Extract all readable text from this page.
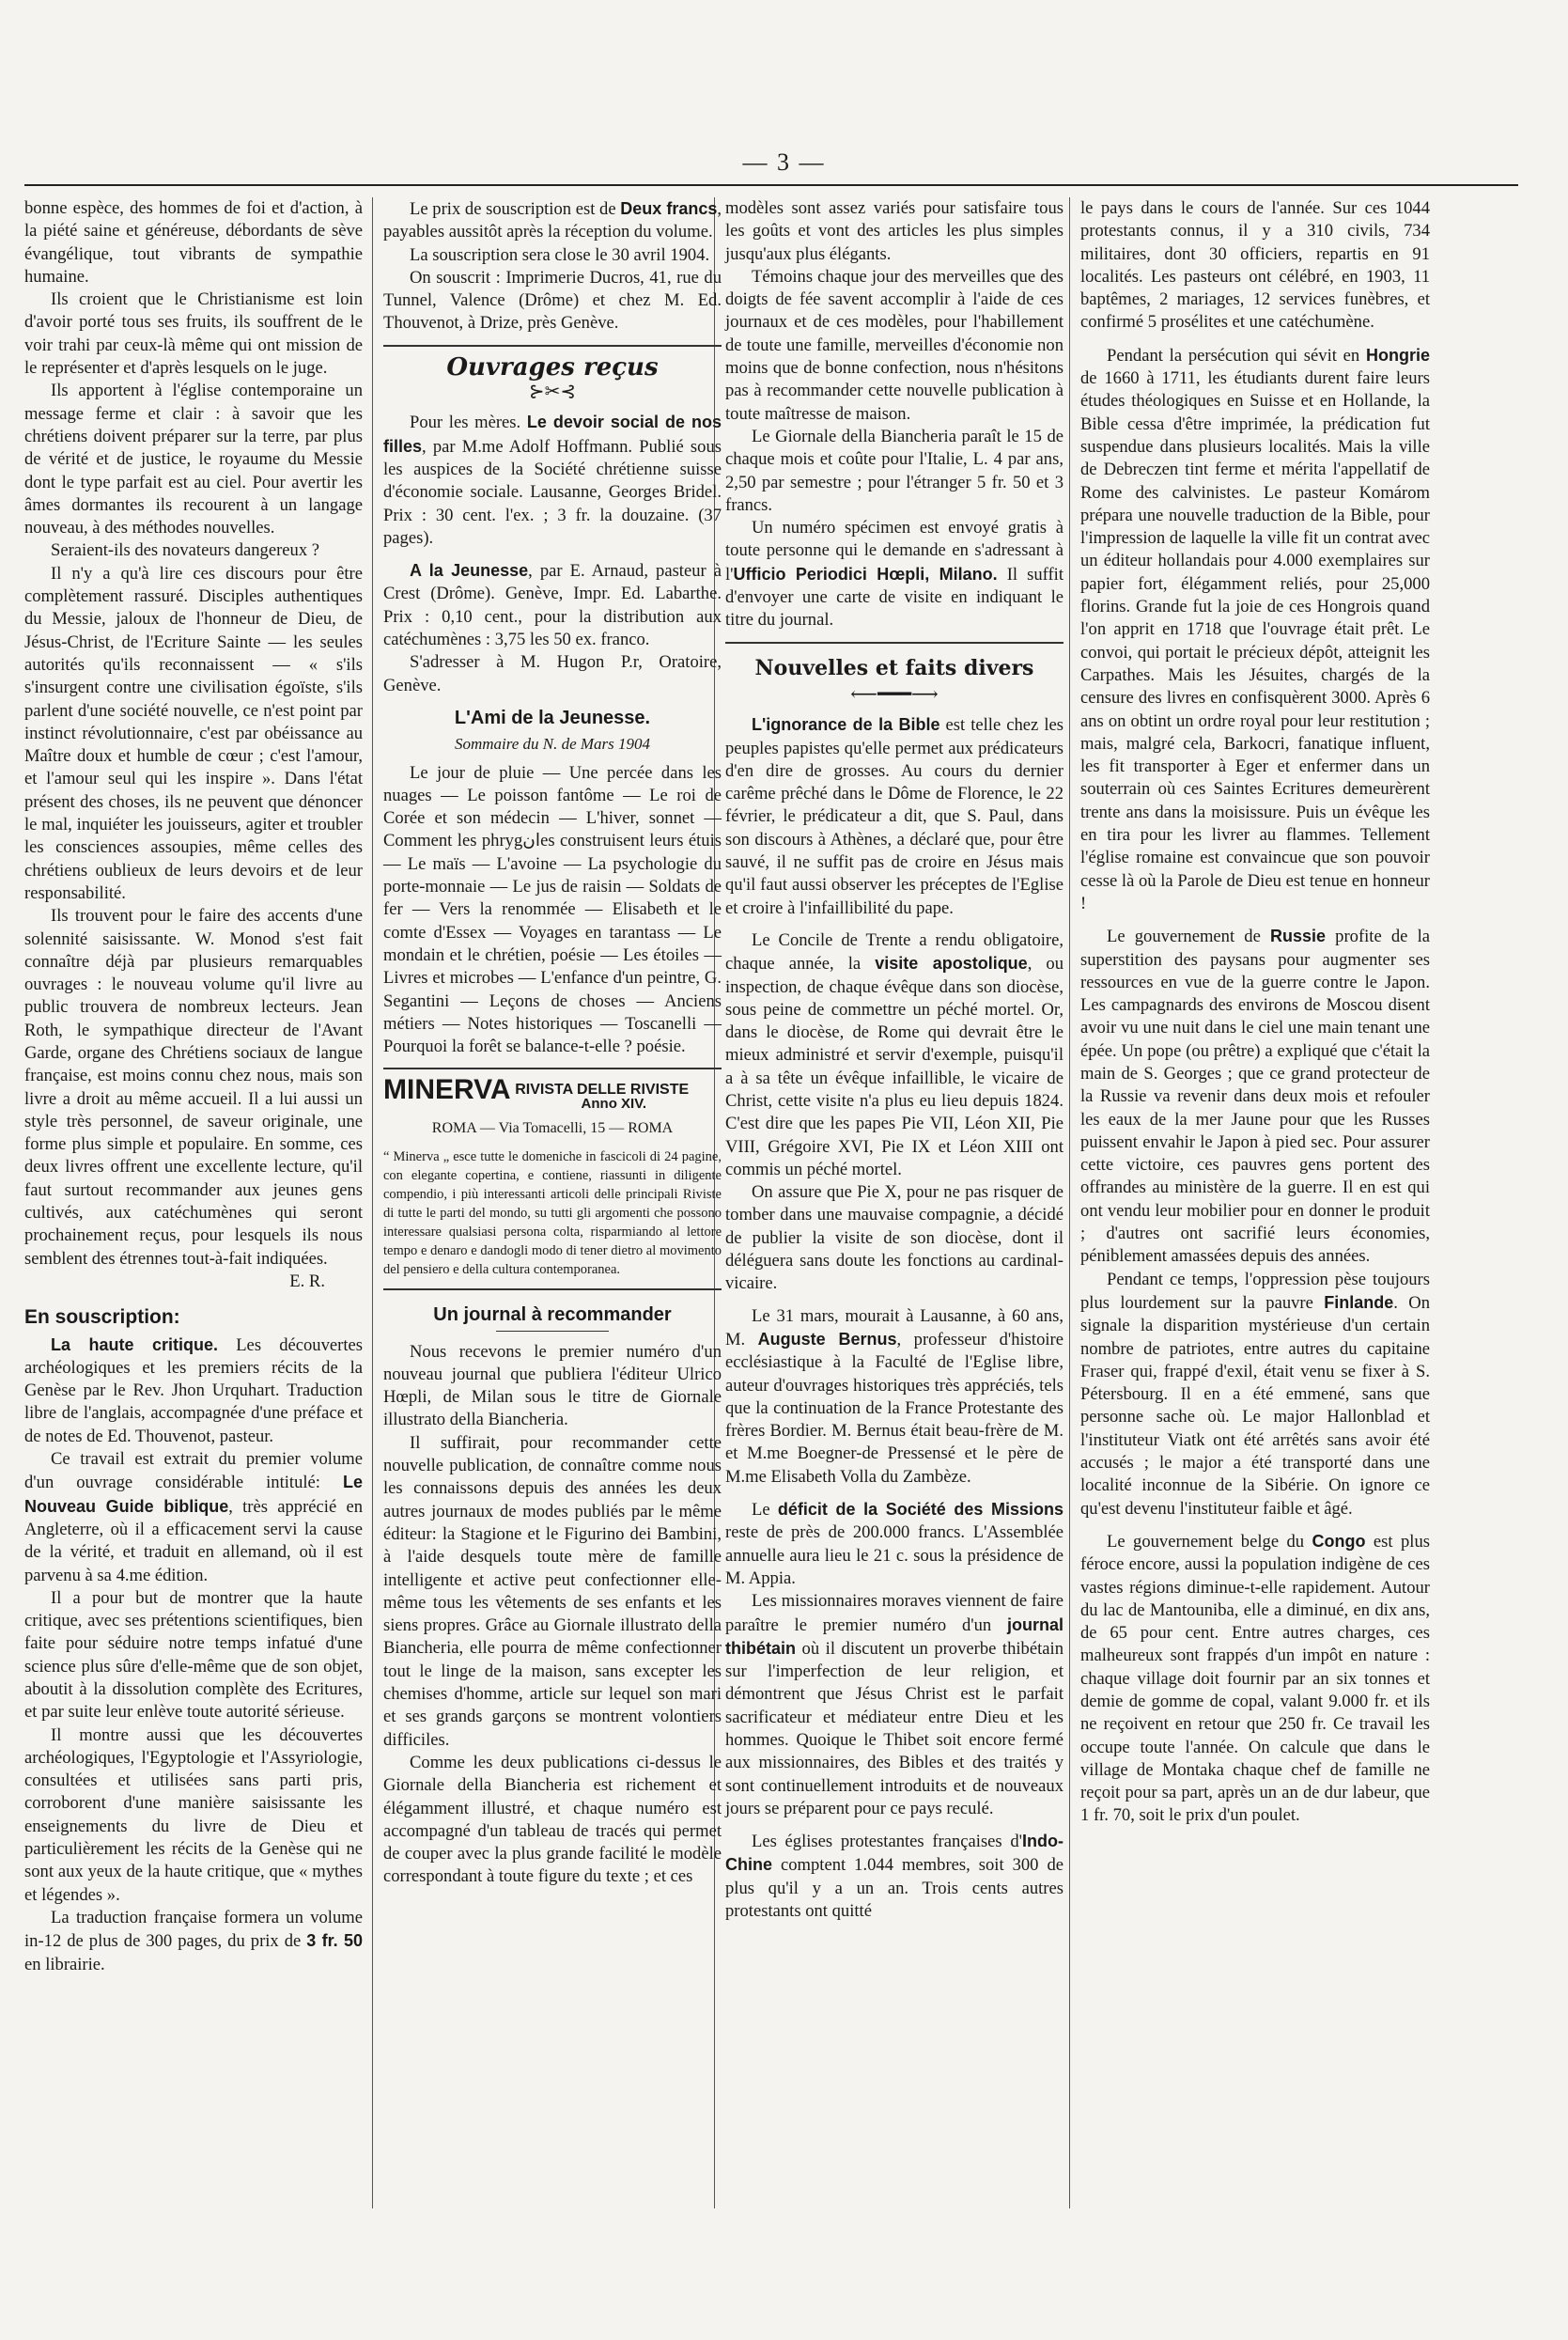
— 3 —

bonne espèce, des hommes de foi et d'action, à la piété saine et généreuse, débordants de sève évangélique, tout vibrants de sympathie humaine.

Ils croient que le Christianisme est loin d'avoir porté tous ses fruits, ils souffrent de le voir trahi par ceux-là même qui ont mission de le représenter et d'après lesquels on le juge.

Ils apportent à l'église contemporaine un message ferme et clair : à savoir que les chrétiens doivent préparer sur la terre, par plus de vérité et de justice, le royaume du Messie dont le type parfait est au ciel. Pour avertir les âmes dormantes ils recourent à un langage nouveau, à des méthodes nouvelles.

Seraient-ils des novateurs dangereux ?

Il n'y a qu'à lire ces discours pour être complètement rassuré. Disciples authentiques du Messie, jaloux de l'honneur de Dieu, de Jésus-Christ, de l'Ecriture Sainte — les seules autorités qu'ils reconnaissent — « s'ils s'insurgent contre une civilisation égoïste, s'ils parlent d'une société nouvelle, ce n'est point par instinct révolutionnaire, c'est par obéissance au Maître doux et humble de cœur ; c'est l'amour, et l'amour seul qui les inspire ». Dans l'état présent des choses, ils ne peuvent que dénoncer le mal, inquiéter les jouisseurs, agiter et troubler les consciences assoupies, même celles des chrétiens oublieux de leurs devoirs et de leur responsabilité.

Ils trouvent pour le faire des accents d'une solennité saisissante. W. Monod s'est fait connaître déjà par plusieurs remarquables ouvrages : le nouveau volume qu'il livre au public trouvera de nombreux lecteurs. Jean Roth, le sympathique directeur de l'Avant Garde, organe des Chrétiens sociaux de langue française, est moins connu chez nous, mais son livre a droit au même accueil. Il a lui aussi un style très personnel, de saveur originale, une forme plus simple et populaire. En somme, ces deux livres offrent une excellente lecture, qu'il faut surtout recommander aux jeunes gens cultivés, aux catéchumènes qui seront prochainement reçus, pour lesquels ils nous semblent des étrennes tout-à-fait indiquées.

E. R.

En souscription:

La haute critique. Les découvertes archéologiques et les premiers récits de la Genèse par le Rev. Jhon Urquhart. Traduction libre de l'anglais, accompagnée d'une préface et de notes de Ed. Thouvenot, pasteur.

Ce travail est extrait du premier volume d'un ouvrage considérable intitulé: Le Nouveau Guide biblique, très apprécié en Angleterre, où il a efficacement servi la cause de la vérité, et traduit en allemand, où il est parvenu à sa 4.me édition.

Il a pour but de montrer que la haute critique, avec ses prétentions scientifiques, bien faite pour séduire notre temps infatué d'une science plus sûre d'elle-même que de son objet, aboutit à la dissolution complète des Ecritures, et par suite leur enlève toute autorité sérieuse.

Il montre aussi que les découvertes archéologiques, l'Egyptologie et l'Assyriologie, consultées et utilisées sans parti pris, corroborent d'une manière saisissante les enseignements du livre de Dieu et particulièrement les récits de la Genèse qui ne sont aux yeux de la haute critique, que « mythes et légendes ».

La traduction française formera un volume in-12 de plus de 300 pages, du prix de 3 fr. 50 en librairie.

Le prix de souscription est de Deux francs, payables aussitôt après la réception du volume.

La souscription sera close le 30 avril 1904.

On souscrit : Imprimerie Ducros, 41, rue du Tunnel, Valence (Drôme) et chez M. Ed. Thouvenot, à Drize, près Genève.

Ouvrages reçus
⊱✂⊰

Pour les mères. Le devoir social de nos filles, par M.me Adolf Hoffmann. Publié sous les auspices de la Société chrétienne suisse d'économie sociale. Lausanne, Georges Bridel. Prix : 30 cent. l'ex. ; 3 fr. la douzaine. (37 pages).

A la Jeunesse, par E. Arnaud, pasteur à Crest (Drôme). Genève, Impr. Ed. Labarthe. Prix : 0,10 cent., pour la distribution aux catéchumènes : 3,75 les 50 ex. franco.

S'adresser à M. Hugon P.r, Oratoire, Genève.

L'Ami de la Jeunesse.
Sommaire du N. de Mars 1904

Le jour de pluie — Une percée dans les nuages — Le poisson fantôme — Le roi de Corée et son médecin — L'hiver, sonnet — Comment les phrygانes construisent leurs étuis — Le maïs — L'avoine — La psychologie du porte-monnaie — Le jus de raisin — Soldats de fer — Vers la renommée — Elisabeth et le comte d'Essex — Voyages en tarantass — Le mondain et le chrétien, poésie — Les étoiles — Livres et microbes — L'enfance d'un peintre, G. Segantini — Leçons de choses — Anciens métiers — Notes historiques — Toscanelli — Pourquoi la forêt se balance-t-elle ? poésie.

MINERVA RIVISTA DELLE RIVISTE
Anno XIV.
ROMA — Via Tomacelli, 15 — ROMA
“ Minerva „ esce tutte le domeniche in fascicoli di 24 pagine, con elegante copertina, e contiene, riassunti in diligente compendio, i più interessanti articoli delle principali Riviste di tutte le parti del mondo, su tutti gli argomenti che possono interessare qualsiasi persona colta, risparmiando al lettore tempo e denaro e dandogli modo di tener dietro al movimento del pensiero e della cultura contemporanea.
Un journal à recommander

Nous recevons le premier numéro d'un nouveau journal que publiera l'éditeur Ulrico Hœpli, de Milan sous le titre de Giornale illustrato della Biancheria.

Il suffirait, pour recommander cette nouvelle publication, de connaître comme nous les connaissons depuis des années les deux autres journaux de modes publiés par le même éditeur: la Stagione et le Figurino dei Bambini, à l'aide desquels toute mère de famille intelligente et active peut confectionner elle-même tous les vêtements de ses enfants et les siens propres. Grâce au Giornale illustrato della Biancheria, elle pourra de même confectionner tout le linge de la maison, sans excepter les chemises d'homme, article sur lequel son mari et ses grands garçons se montrent volontiers difficiles.

Comme les deux publications ci-dessus le Giornale della Biancheria est richement et élégamment illustré, et chaque numéro est accompagné d'un tableau de tracés qui permet de couper avec la plus grande facilité le modèle correspondant à toute figure du texte ; et ces

modèles sont assez variés pour satisfaire tous les goûts et vont des articles les plus simples jusqu'aux plus élégants.

Témoins chaque jour des merveilles que des doigts de fée savent accomplir à l'aide de ces journaux et de ces modèles, pour l'habillement de toute une famille, merveilles d'économie non moins que de bonne confection, nous n'hésitons pas à recommander cette nouvelle publication à toute maîtresse de maison.

Le Giornale della Biancheria paraît le 15 de chaque mois et coûte pour l'Italie, L. 4 par ans, 2,50 par semestre ; pour l'étranger 5 fr. 50 et 3 francs.

Un numéro spécimen est envoyé gratis à toute personne qui le demande en s'adressant à l'Ufficio Periodici Hœpli, Milano. Il suffit d'envoyer une carte de visite en indiquant le titre du journal.

Nouvelles et faits divers
⟵━━━⟶

L'ignorance de la Bible est telle chez les peuples papistes qu'elle permet aux prédicateurs d'en dire de grosses. Au cours du dernier carême prêché dans le Dôme de Florence, le 22 février, le prédicateur a dit, que S. Paul, dans son discours à Athènes, a déclaré que, pour être sauvé, il ne suffit pas de croire en Jésus mais qu'il faut aussi observer les préceptes de l'Eglise et croire à l'infaillibilité du pape.

Le Concile de Trente a rendu obligatoire, chaque année, la visite apostolique, ou inspection, de chaque évêque dans son diocèse, sous peine de commettre un péché mortel. Or, dans le diocèse, de Rome qui devrait être le mieux administré et servir d'exemple, puisqu'il a à sa tête un évêque infaillible, le vicaire de Christ, cette visite n'a plus eu lieu depuis 1824. C'est dire que les papes Pie VII, Léon XII, Pie VIII, Grégoire XVI, Pie IX et Léon XIII ont commis un péché mortel.

On assure que Pie X, pour ne pas risquer de tomber dans une mauvaise compagnie, a décidé de publier la visite de son diocèse, dont il déléguera sans doute les fonctions au cardinal-vicaire.

Le 31 mars, mourait à Lausanne, à 60 ans, M. Auguste Bernus, professeur d'histoire ecclésiastique à la Faculté de l'Eglise libre, auteur d'ouvrages historiques très appréciés, tels que la continuation de la France Protestante des frères Bordier. M. Bernus était beau-frère de M. et M.me Boegner-de Pressensé et le père de M.me Elisabeth Volla du Zambèze.

Le déficit de la Société des Missions reste de près de 200.000 francs. L'Assemblée annuelle aura lieu le 21 c. sous la présidence de M. Appia.

Les missionnaires moraves viennent de faire paraître le premier numéro d'un journal thibétain où il discutent un proverbe thibétain sur l'imperfection de leur religion, et démontrent que Jésus Christ est le parfait sacrificateur et médiateur entre Dieu et les hommes. Quoique le Thibet soit encore fermé aux missionnaires, des Bibles et des traités y sont continuellement introduits et de nouveaux jours se préparent pour ce pays reculé.

Les églises protestantes françaises d'Indo-Chine comptent 1.044 membres, soit 300 de plus qu'il y a un an. Trois cents autres protestants ont quitté

le pays dans le cours de l'année. Sur ces 1044 protestants connus, il y a 310 civils, 734 militaires, dont 30 officiers, repartis en 91 localités. Les pasteurs ont célébré, en 1903, 11 baptêmes, 2 mariages, 12 services funèbres, et confirmé 5 prosélites et une catéchumène.

Pendant la persécution qui sévit en Hongrie de 1660 à 1711, les étudiants durent faire leurs études théologiques en Suisse et en Hollande, la Bible cessa d'être imprimée, la prédication fut suspendue dans plusieurs localités. Mais la ville de Debreczen tint ferme et mérita l'appellatif de Rome des calvinistes. Le pasteur Komárom prépara une nouvelle traduction de la Bible, pour l'impression de laquelle la ville fit un contrat avec un éditeur hollandais pour 4.000 exemplaires sur papier fort, élégamment reliés, pour 25,000 florins. Grande fut la joie de ces Hongrois quand l'on apprit en 1718 que l'ouvrage était prêt. Le convoi, qui portait le précieux dépôt, atteignit les Carpathes. Mais les Jésuites, chargés de la censure des livres en confisquèrent 3000. Après 6 ans on obtint un ordre royal pour leur restitution ; mais, malgré cela, Barkocri, fanatique influent, les fit transporter à Eger et enfermer dans un souterrain où ces Saintes Ecritures demeurèrent trente ans dans la moisissure. Puis un évêque les en tira pour les livrer au flammes. Tellement l'église romaine est convaincue que son pouvoir cesse là où la Parole de Dieu est tenue en honneur !

Le gouvernement de Russie profite de la superstition des paysans pour augmenter ses ressources en vue de la guerre contre le Japon. Les campagnards des environs de Moscou disent avoir vu une nuit dans le ciel une main tenant une épée. Un pope (ou prêtre) a expliqué que c'était la main de S. Georges ; que ce grand protecteur de la Russie va revenir dans deux mois et refouler les eaux de la mer Jaune pour que les Russes puissent envahir le Japon à pied sec. Pour assurer cette victoire, ces pauvres gens portent des offrandes au ministère de la guerre. Il en est qui ont vendu leur mobilier pour en donner le produit ; d'autres ont sacrifié leurs économies, péniblement amassées depuis des années.

Pendant ce temps, l'oppression pèse toujours plus lourdement sur la pauvre Finlande. On signale la disparition mystérieuse d'un certain nombre de patriotes, entre autres du capitaine Fraser qui, frappé d'exil, était venu se fixer à S. Pétersbourg. Il en a été emmené, sans que personne sache où. Le major Hallonblad et l'instituteur Viatk ont été arrêtés sans avoir été accusés ; le major a été transporté dans une localité inconnue de la Sibérie. On ignore ce qu'est devenu l'instituteur faible et âgé.

Le gouvernement belge du Congo est plus féroce encore, aussi la population indigène de ces vastes régions diminue-t-elle rapidement. Autour du lac de Mantouniba, elle a diminué, en dix ans, de 65 pour cent. Entre autres charges, ces malheureux sont frappés d'un impôt en nature : chaque village doit fournir par an six tonnes et demie de gomme de copal, valant 9.000 fr. et ils ne reçoivent en retour que 250 fr. Ce travail les occupe toute l'année. On calcule que dans le village de Montaka chaque chef de famille ne reçoit pour sa part, après un an de dur labeur, que 1 fr. 70, soit le prix d'un poulet.
